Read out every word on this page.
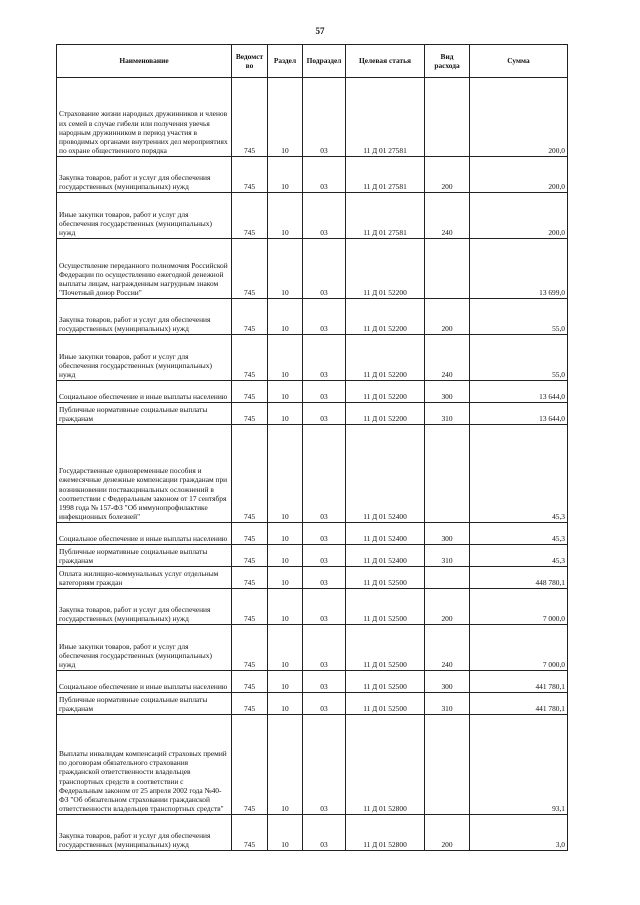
57
Наименование	Ведомст во	Раздел	Подраздел	Целевая статья	Вид расхода	Сумма
Страхование жизни народных дружинников и членов их семей в случае гибели или получения увечья народным дружинником в период участия в проводимых органами внутренних дел мероприятиях по охране общественного порядка	745	10	03	11 Д 01 27581		200,0
Закупка товаров, работ и услуг для обеспечения государственных (муниципальных) нужд	745	10	03	11 Д 01 27581	200	200,0
Иные закупки товаров, работ и услуг для обеспечения государственных (муниципальных) нужд	745	10	03	11 Д 01 27581	240	200,0
Осуществление переданного полномочия Российской Федерации по осуществлению ежегодной денежной выплаты лицам, награжденным нагрудным знаком "Почетный донор России"	745	10	03	11 Д 01 52200		13 699,0
Закупка товаров, работ и услуг для обеспечения государственных (муниципальных) нужд	745	10	03	11 Д 01 52200	200	55,0
Иные закупки товаров, работ и услуг для обеспечения государственных (муниципальных) нужд	745	10	03	11 Д 01 52200	240	55,0
Социальное обеспечение и иные выплаты населению	745	10	03	11 Д 01 52200	300	13 644,0
Публичные нормативные социальные выплаты гражданам	745	10	03	11 Д 01 52200	310	13 644,0
Государственные единовременные пособия и ежемесячные денежные компенсации гражданам при возникновении поствакцинальных осложнений в соответствии с Федеральным законом от 17 сентября 1998 года № 157-ФЗ "Об иммунопрофилактике инфекционных болезней"	745	10	03	11 Д 01 52400		45,3
Социальное обеспечение и иные выплаты населению	745	10	03	11 Д 01 52400	300	45,3
Публичные нормативные социальные выплаты гражданам	745	10	03	11 Д 01 52400	310	45,3
Оплата жилищно-коммунальных услуг отдельным категориям граждан	745	10	03	11 Д 01 52500		448 780,1
Закупка товаров, работ и услуг для обеспечения государственных (муниципальных) нужд	745	10	03	11 Д 01 52500	200	7 000,0
Иные закупки товаров, работ и услуг для обеспечения государственных (муниципальных) нужд	745	10	03	11 Д 01 52500	240	7 000,0
Социальное обеспечение и иные выплаты населению	745	10	03	11 Д 01 52500	300	441 780,1
Публичные нормативные социальные выплаты гражданам	745	10	03	11 Д 01 52500	310	441 780,1
Выплаты инвалидам компенсаций страховых премий по договорам обязательного страхования гражданской ответственности владельцев транспортных средств в соответствии с Федеральным законом от 25 апреля 2002 года №40-ФЗ "Об обязательном страховании гражданской ответственности владельцев транспортных средств"	745	10	03	11 Д 01 52800		93,1
Закупка товаров, работ и услуг для обеспечения государственных (муниципальных) нужд	745	10	03	11 Д 01 52800	200	3,0
